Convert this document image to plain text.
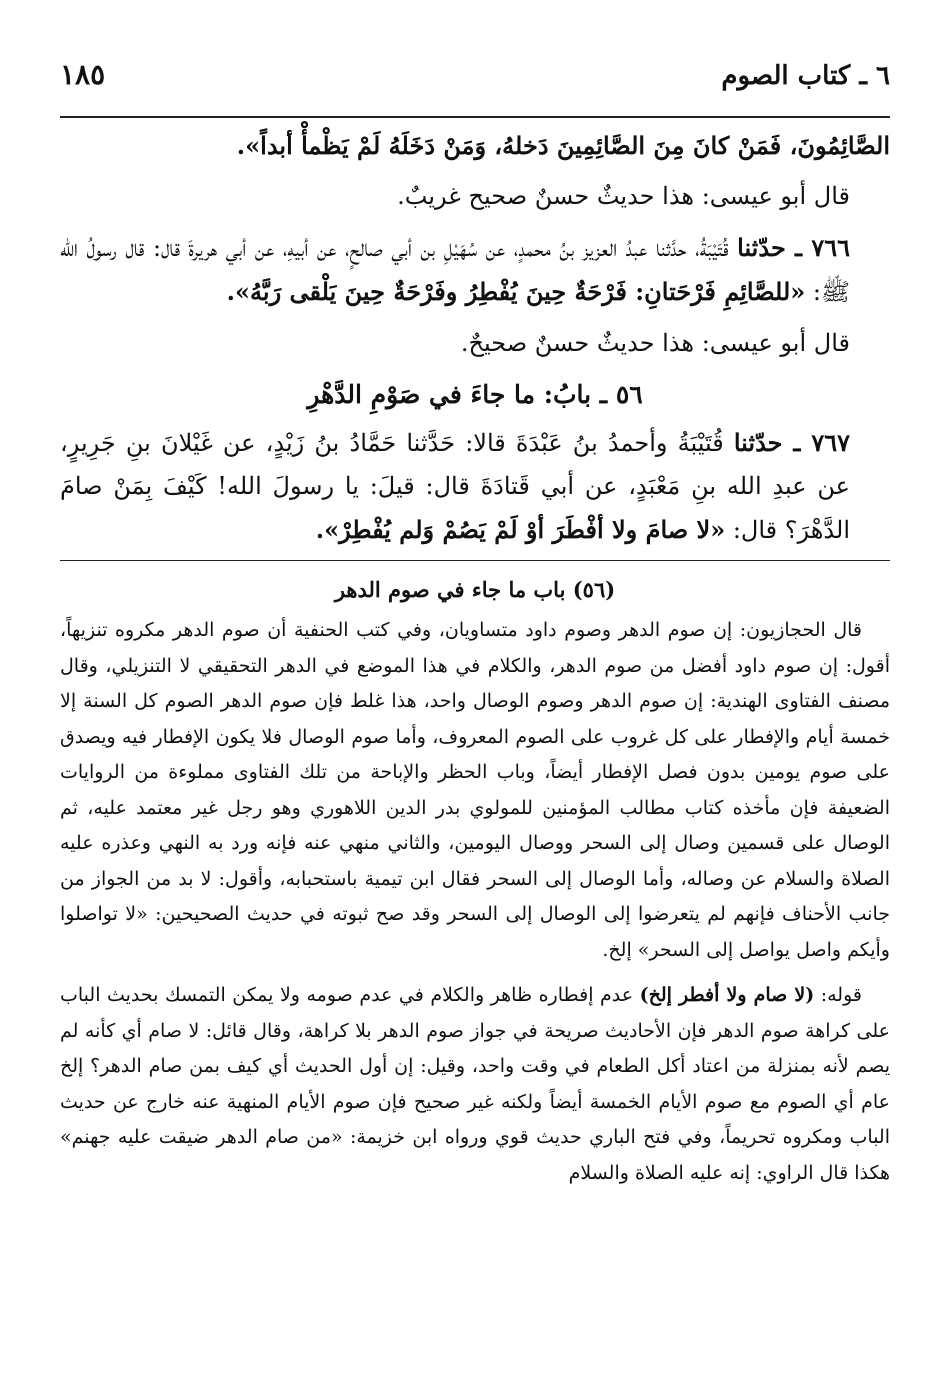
٦ ـ كتاب الصوم
١٨٥

الصَّائِمُونَ، فَمَنْ كانَ مِنَ الصَّائِمِينَ دَخلهُ، وَمَنْ دَخَلَهُ لَمْ يَظْمأْ أبداً».

قال أبو عيسى: هذا حديثٌ حسنٌ صحيح غريبٌ.

٧٦٦ ـ حدّثنا قُتَيْبَةُ، حدَّثنا عبدُ العزيز بنُ محمدٍ، عن سُهَيْلِ بن أبي صالحٍ، عن أبيهِ، عن أبي هريرةَ قال: قال رسولُ الله ﷺ: «للصَّائِمِ فَرْحَتانِ: فَرْحَةٌ حِينَ يُفْطِرُ وفَرْحَةٌ حِينَ يَلْقى رَبَّهُ».

قال أبو عيسى: هذا حديثٌ حسنٌ صحيحٌ.

٥٦ ـ بابُ: ما جاءَ في صَوْمِ الدَّهْرِ

٧٦٧ ـ حدّثنا قُتَيْبَةُ وأحمدُ بنُ عَبْدَةَ قالا: حَدَّثنا حَمَّادُ بنُ زَيْدٍ، عن غَيْلانَ بنِ جَرِيرٍ، عن عبدِ الله بنِ مَعْبَدٍ، عن أبي قَتادَةَ قال: قيلَ: يا رسولَ الله! كَيْفَ بِمَنْ صامَ الدَّهْرَ؟ قال: «لا صامَ ولا أفْطَرَ أوْ لَمْ يَصُمْ وَلم يُفْطِرْ».

(٥٦) باب ما جاء في صوم الدهر

قال الحجازيون: إن صوم الدهر وصوم داود متساويان، وفي كتب الحنفية أن صوم الدهر مكروه تنزيهاً، أقول: إن صوم داود أفضل من صوم الدهر، والكلام في هذا الموضع في الدهر التحقيقي لا التنزيلي، وقال مصنف الفتاوى الهندية: إن صوم الدهر وصوم الوصال واحد، هذا غلط فإن صوم الدهر الصوم كل السنة إلا خمسة أيام والإفطار على كل غروب على الصوم المعروف، وأما صوم الوصال فلا يكون الإفطار فيه ويصدق على صوم يومين بدون فصل الإفطار أيضاً، وباب الحظر والإباحة من تلك الفتاوى مملوءة من الروايات الضعيفة فإن مأخذه كتاب مطالب المؤمنين للمولوي بدر الدين اللاهوري وهو رجل غير معتمد عليه، ثم الوصال على قسمين وصال إلى السحر ووصال اليومين، والثاني منهي عنه فإنه ورد به النهي وعذره عليه الصلاة والسلام عن وصاله، وأما الوصال إلى السحر فقال ابن تيمية باستحبابه، وأقول: لا بد من الجواز من جانب الأحناف فإنهم لم يتعرضوا إلى الوصال إلى السحر وقد صح ثبوته في حديث الصحيحين: «لا تواصلوا وأيكم واصل يواصل إلى السحر» إلخ.

قوله: (لا صام ولا أفطر إلخ) عدم إفطاره ظاهر والكلام في عدم صومه ولا يمكن التمسك بحديث الباب على كراهة صوم الدهر فإن الأحاديث صريحة في جواز صوم الدهر بلا كراهة، وقال قائل: لا صام أي كأنه لم يصم لأنه بمنزلة من اعتاد أكل الطعام في وقت واحد، وقيل: إن أول الحديث أي كيف بمن صام الدهر؟ إلخ عام أي الصوم مع صوم الأيام الخمسة أيضاً ولكنه غير صحيح فإن صوم الأيام المنهية عنه خارج عن حديث الباب ومكروه تحريماً، وفي فتح الباري حديث قوي ورواه ابن خزيمة: «من صام الدهر ضيقت عليه جهنم» هكذا قال الراوي: إنه عليه الصلاة والسلام
